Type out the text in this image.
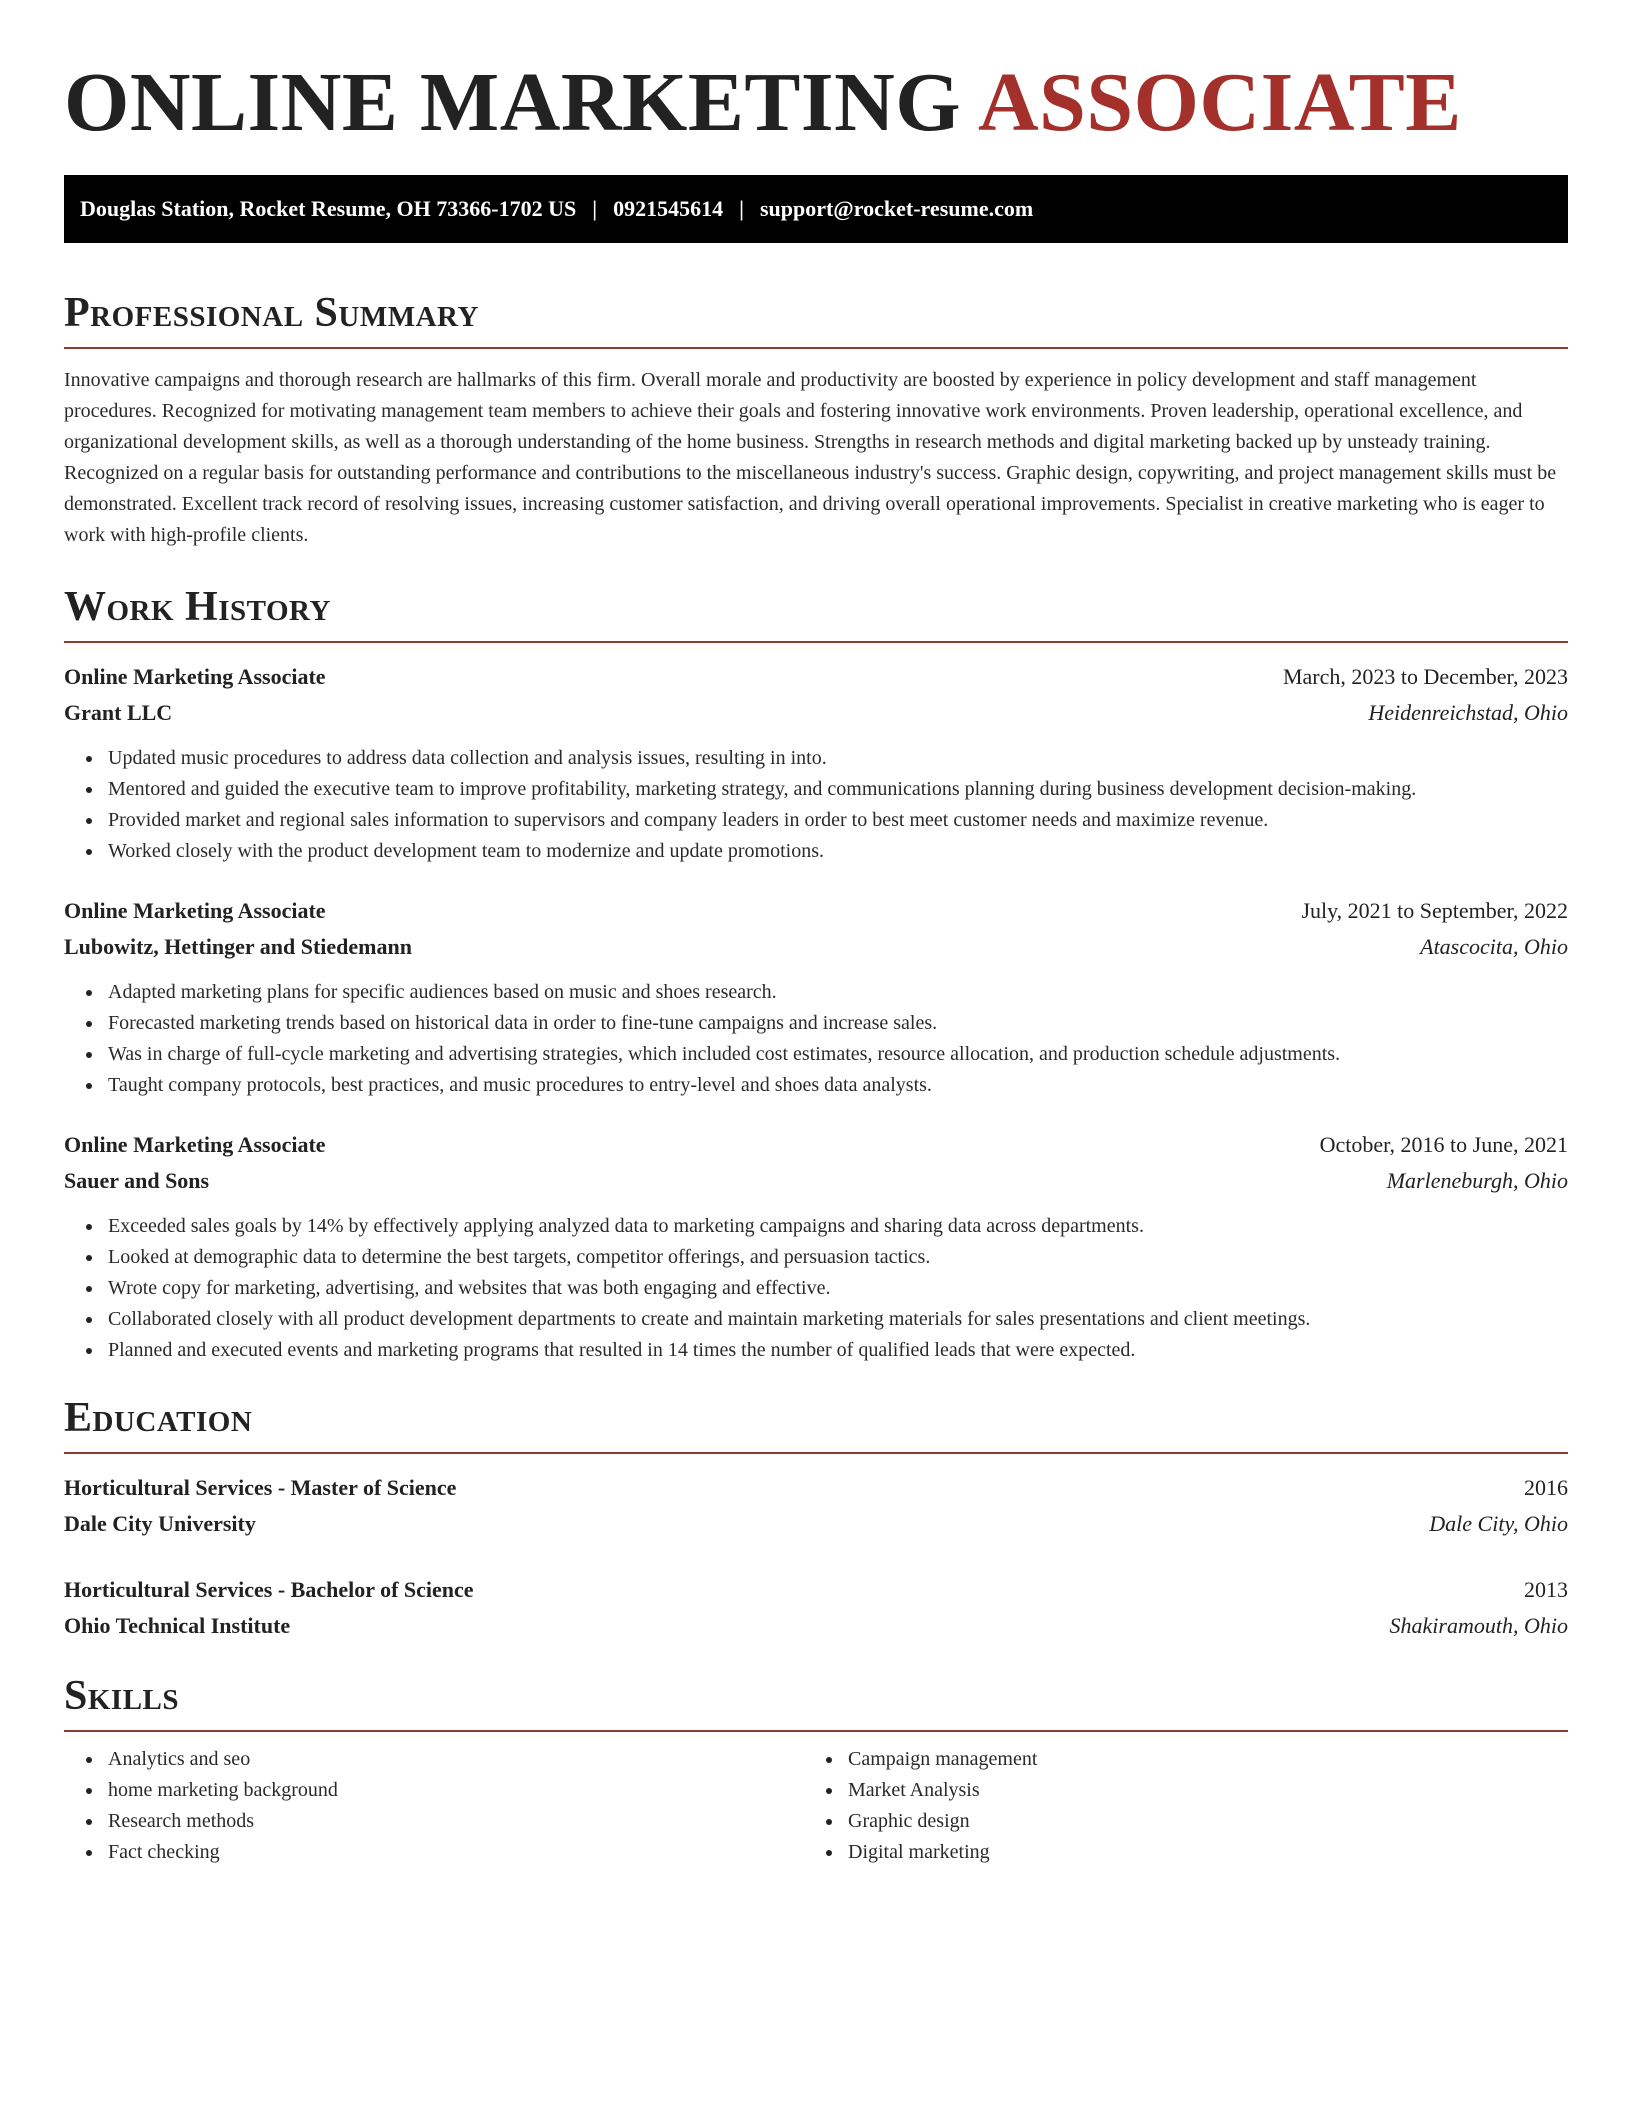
ONLINE MARKETING ASSOCIATE
Douglas Station, Rocket Resume, OH 73366-1702 US | 0921545614 | support@rocket-resume.com
Professional Summary

Innovative campaigns and thorough research are hallmarks of this firm. Overall morale and productivity are boosted by experience in policy development and staff management procedures. Recognized for motivating management team members to achieve their goals and fostering innovative work environments. Proven leadership, operational excellence, and organizational development skills, as well as a thorough understanding of the home business. Strengths in research methods and digital marketing backed up by unsteady training. Recognized on a regular basis for outstanding performance and contributions to the miscellaneous industry's success. Graphic design, copywriting, and project management skills must be demonstrated. Excellent track record of resolving issues, increasing customer satisfaction, and driving overall operational improvements. Specialist in creative marketing who is eager to work with high-profile clients.

Work History
Online Marketing Associate	March, 2023 to December, 2023
Grant LLC	Heidenreichstad, Ohio
Updated music procedures to address data collection and analysis issues, resulting in into.
Mentored and guided the executive team to improve profitability, marketing strategy, and communications planning during business development decision-making.
Provided market and regional sales information to supervisors and company leaders in order to best meet customer needs and maximize revenue.
Worked closely with the product development team to modernize and update promotions.
Online Marketing Associate	July, 2021 to September, 2022
Lubowitz, Hettinger and Stiedemann	Atascocita, Ohio
Adapted marketing plans for specific audiences based on music and shoes research.
Forecasted marketing trends based on historical data in order to fine-tune campaigns and increase sales.
Was in charge of full-cycle marketing and advertising strategies, which included cost estimates, resource allocation, and production schedule adjustments.
Taught company protocols, best practices, and music procedures to entry-level and shoes data analysts.
Online Marketing Associate	October, 2016 to June, 2021
Sauer and Sons	Marleneburgh, Ohio
Exceeded sales goals by 14% by effectively applying analyzed data to marketing campaigns and sharing data across departments.
Looked at demographic data to determine the best targets, competitor offerings, and persuasion tactics.
Wrote copy for marketing, advertising, and websites that was both engaging and effective.
Collaborated closely with all product development departments to create and maintain marketing materials for sales presentations and client meetings.
Planned and executed events and marketing programs that resulted in 14 times the number of qualified leads that were expected.
Education
Horticultural Services - Master of Science	2016
Dale City University	Dale City, Ohio
Horticultural Services - Bachelor of Science	2013
Ohio Technical Institute	Shakiramouth, Ohio
Skills
Analytics and seo
home marketing background
Research methods
Fact checking
Campaign management
Market Analysis
Graphic design
Digital marketing
